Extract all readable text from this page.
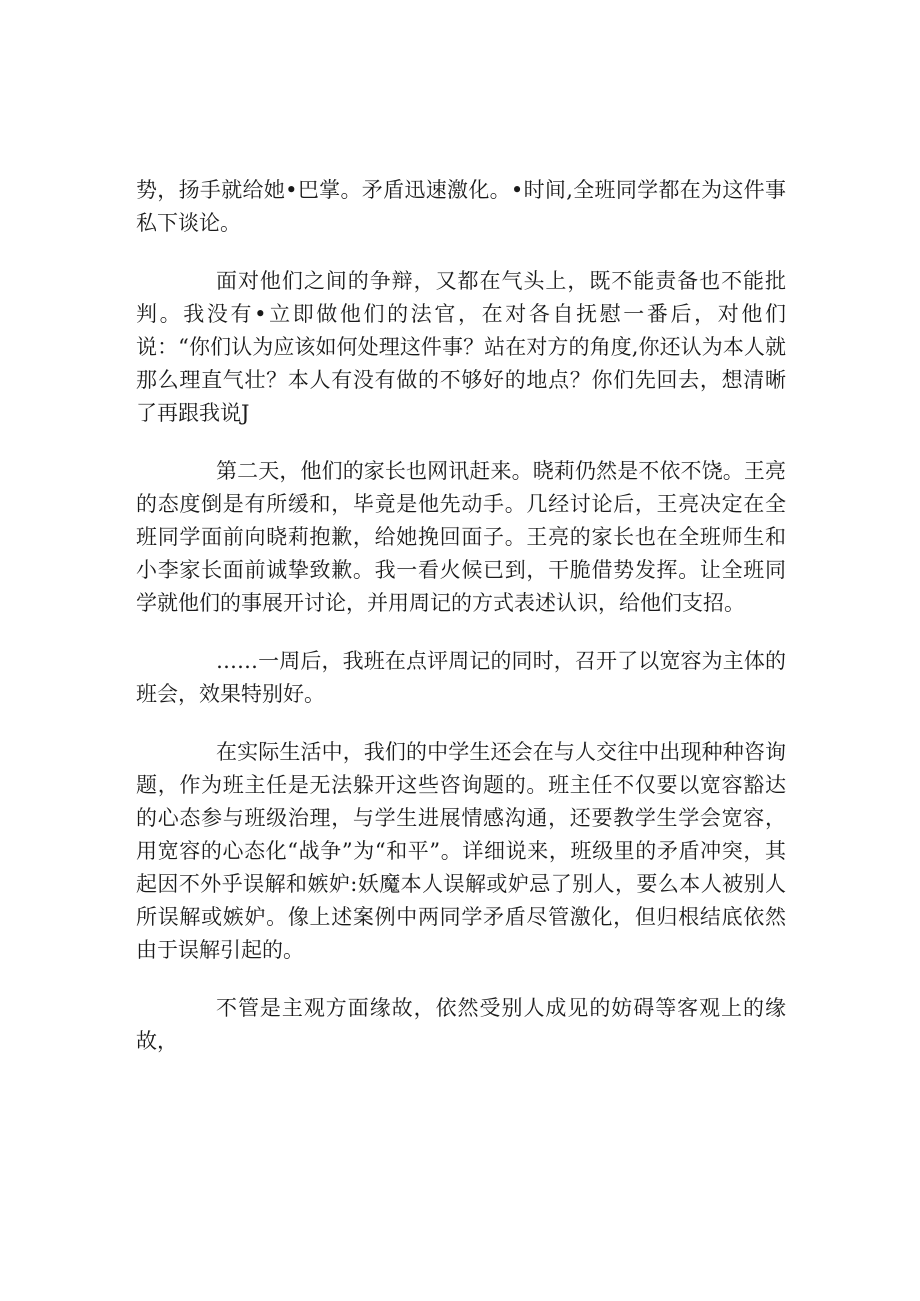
势，扬手就给她•巴掌。矛盾迅速激化。•时间,全班同学都在为这件事私下谈论。

面对他们之间的争辩，又都在气头上，既不能责备也不能批判。我没有•立即做他们的法官，在对各自抚慰一番后，对他们说：“你们认为应该如何处理这件事？站在对方的角度,你还认为本人就那么理直气壮？本人有没有做的不够好的地点？你们先回去，想清晰了再跟我说J

第二天，他们的家长也网讯赶来。晓莉仍然是不依不饶。王亮的态度倒是有所缓和，毕竟是他先动手。几经讨论后，王亮决定在全班同学面前向晓莉抱歉，给她挽回面子。王亮的家长也在全班师生和小李家长面前诚挚致歉。我一看火候已到，干脆借势发挥。让全班同学就他们的事展开讨论，并用周记的方式表述认识，给他们支招。

……一周后，我班在点评周记的同时，召开了以宽容为主体的班会，效果特别好。

在实际生活中，我们的中学生还会在与人交往中出现种种咨询题，作为班主任是无法躲开这些咨询题的。班主任不仅要以宽容豁达的心态参与班级治理，与学生进展情感沟通，还要教学生学会宽容，用宽容的心态化“战争”为“和平”。详细说来，班级里的矛盾冲突，其起因不外乎误解和嫉妒:妖魔本人误解或妒忌了别人，要么本人被别人所误解或嫉妒。像上述案例中两同学矛盾尽管激化，但归根结底依然由于误解引起的。

不管是主观方面缘故，依然受别人成见的妨碍等客观上的缘故，
